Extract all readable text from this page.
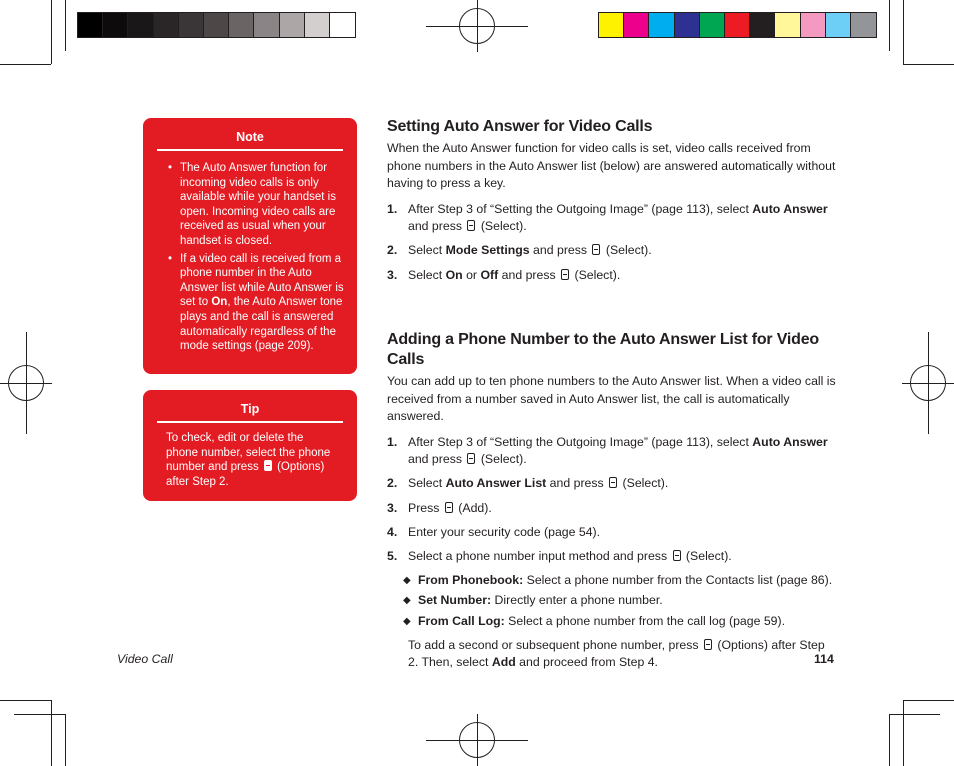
Note
• The Auto Answer function for incoming video calls is only available while your handset is open. Incoming video calls are received as usual when your handset is closed.
• If a video call is received from a phone number in the Auto Answer list while Auto Answer is set to On, the Auto Answer tone plays and the call is answered automatically regardless of the mode settings (page 209).
Tip

To check, edit or delete the phone number, select the phone number and press  (Options) after Step 2.

Setting Auto Answer for Video Calls

When the Auto Answer function for video calls is set, video calls received from phone numbers in the Auto Answer list (below) are answered automatically without having to press a key.

1. After Step 3 of “Setting the Outgoing Image” (page 113), select Auto Answer and press  (Select).
2. Select Mode Settings and press  (Select).
3. Select On or Off and press  (Select).
Adding a Phone Number to the Auto Answer List for Video Calls

You can add up to ten phone numbers to the Auto Answer list. When a video call is received from a number saved in Auto Answer list, the call is automatically answered.

1. After Step 3 of “Setting the Outgoing Image” (page 113), select Auto Answer and press  (Select).
2. Select Auto Answer List and press  (Select).
3. Press  (Add).
4. Enter your security code (page 54).
5. Select a phone number input method and press  (Select).
◆ From Phonebook: Select a phone number from the Contacts list (page 86).
◆ Set Number: Directly enter a phone number.
◆ From Call Log: Select a phone number from the call log (page 59).

To add a second or subsequent phone number, press  (Options) after Step 2. Then, select Add and proceed from Step 4.

Video Call	114
